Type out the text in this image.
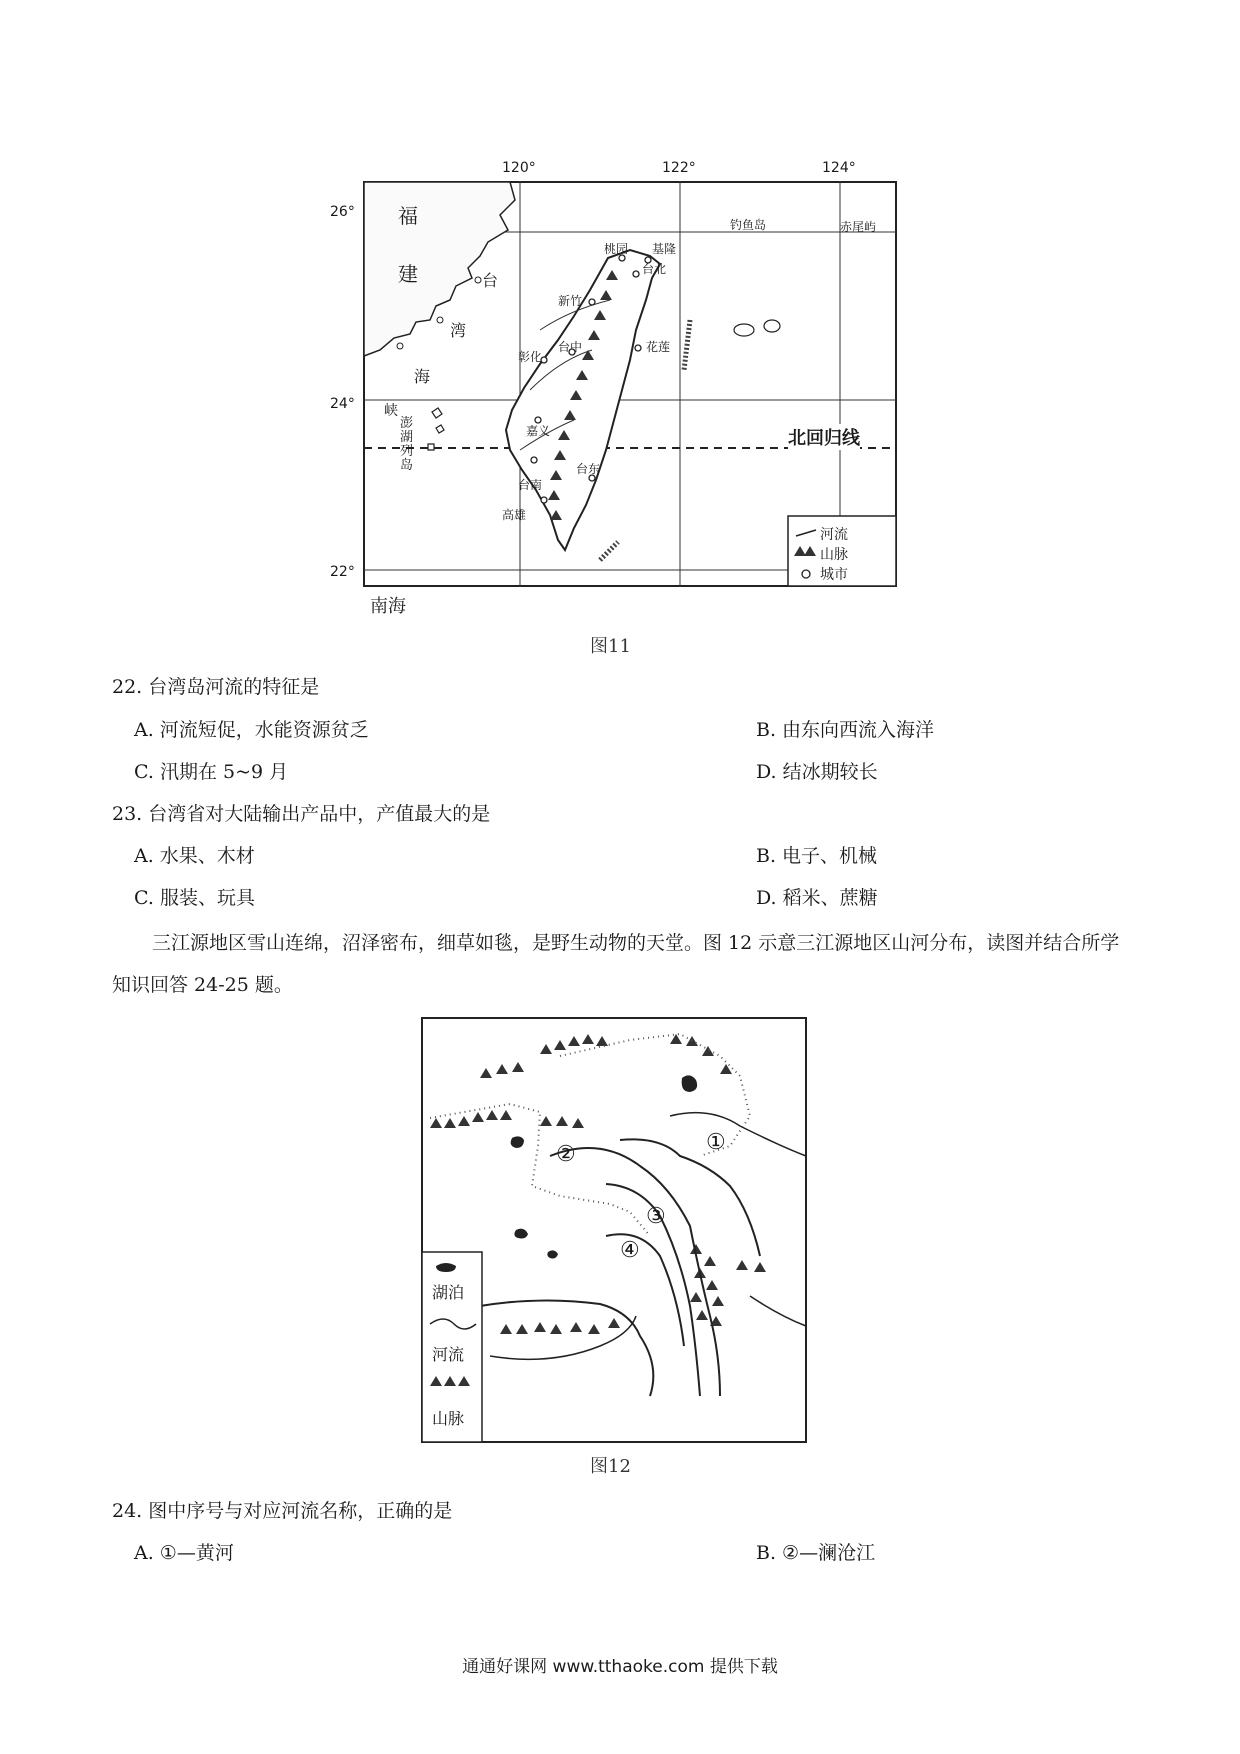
120°	122°	124°
26°
24°
22°
福
建	台
湾
海
峡
澎
湖
列
岛
钓鱼岛	赤尾屿
桃园 基隆
台北
新竹
台中
彰化
花莲
嘉义
台南
台东
高雄
北回归线
南海
河流
山脉
城市
图11
22. 台湾岛河流的特征是
A. 河流短促，水能资源贫乏	B. 由东向西流入海洋
C. 汛期在 5~9 月	D. 结冰期较长
23. 台湾省对大陆输出产品中，产值最大的是
A. 水果、木材	B. 电子、机械
C. 服装、玩具	D. 稻米、蔗糖
三江源地区雪山连绵，沼泽密布，细草如毯，是野生动物的天堂。图 12 示意三江源地区山河分布，读图并结合所学知识回答 24-25 题。
①
②
③
④
湖泊
河流
山脉
图12
24. 图中序号与对应河流名称，正确的是
A. ①—黄河	B. ②—澜沧江
通通好课网 www.tthaoke.com 提供下载
